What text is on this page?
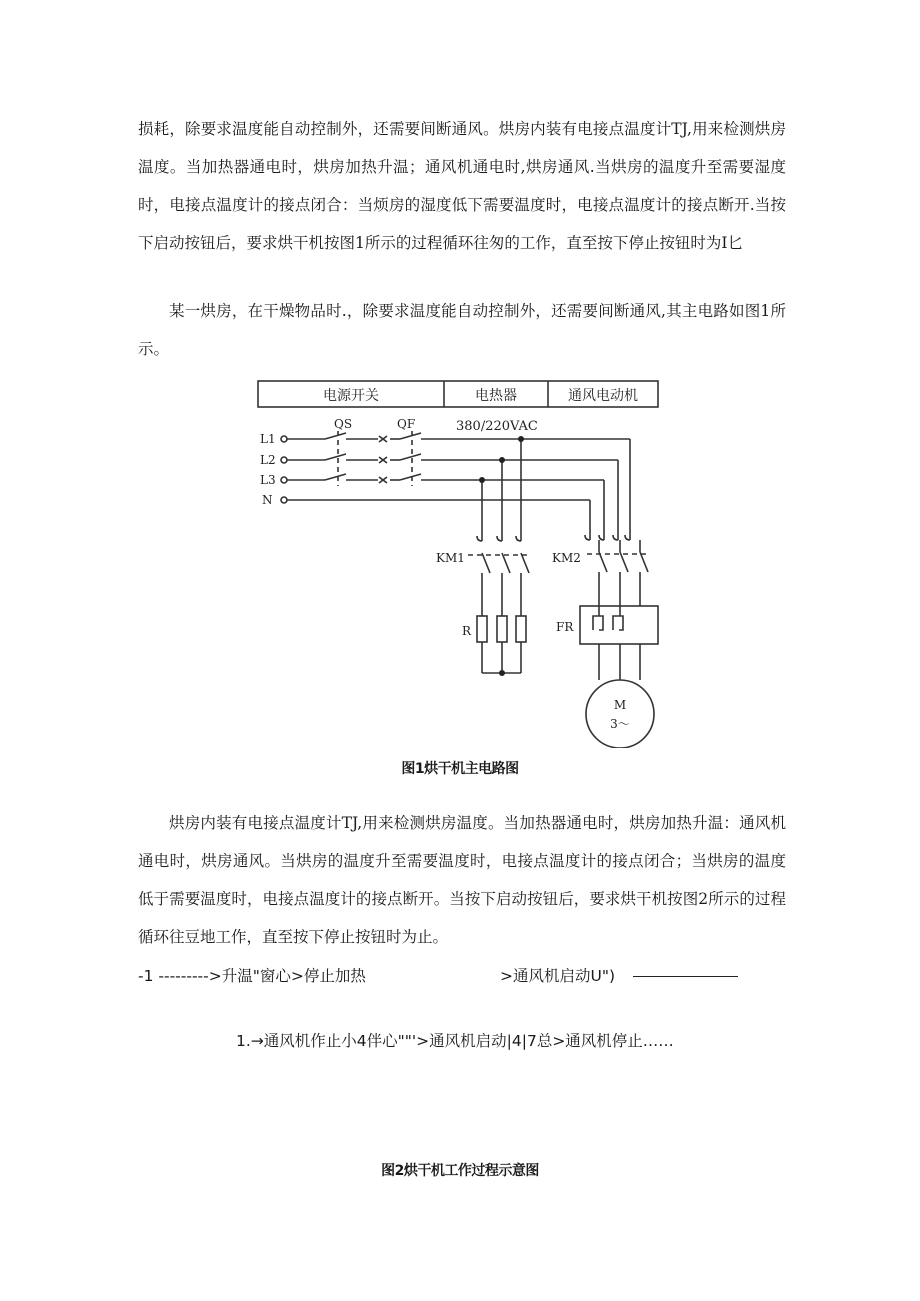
损耗，除要求温度能自动控制外，还需要间断通风。烘房内装有电接点温度计TJ,用来检测烘房温度。当加热器通电时，烘房加热升温；通风机通电时,烘房通风.当烘房的温度升至需要湿度时，电接点温度计的接点闭合：当烦房的湿度低下需要温度时，电接点温度计的接点断开.当按下启动按钮后，要求烘干机按图1所示的过程循环往匆的工作，直至按下停止按钮时为I匕

某一烘房，在干燥物品时.，除要求温度能自动控制外，还需要间断通风,其主电路如图1所示。

电源开关	电热器	通风电动机
QS	QF	380/220VAC
L1
L2
L3
N
KM1	KM2
R	FR
M
3～
图1烘干机主电路图

烘房内装有电接点温度计TJ,用来检测烘房温度。当加热器通电时，烘房加热升温：通风机通电时，烘房通风。当烘房的温度升至需要温度时，电接点温度计的接点闭合；当烘房的温度低于需要温度时，电接点温度计的接点断开。当按下启动按钮后，要求烘干机按图2所示的过程循环往豆地工作，直至按下停止按钮时为止。

-1 --------->升温"窗心>停止加热	>通风机启动U")
1.→通风机作止小4伴心""'>通风机启动|4|7总>通风机停止……
图2烘干机工作过程示意图
